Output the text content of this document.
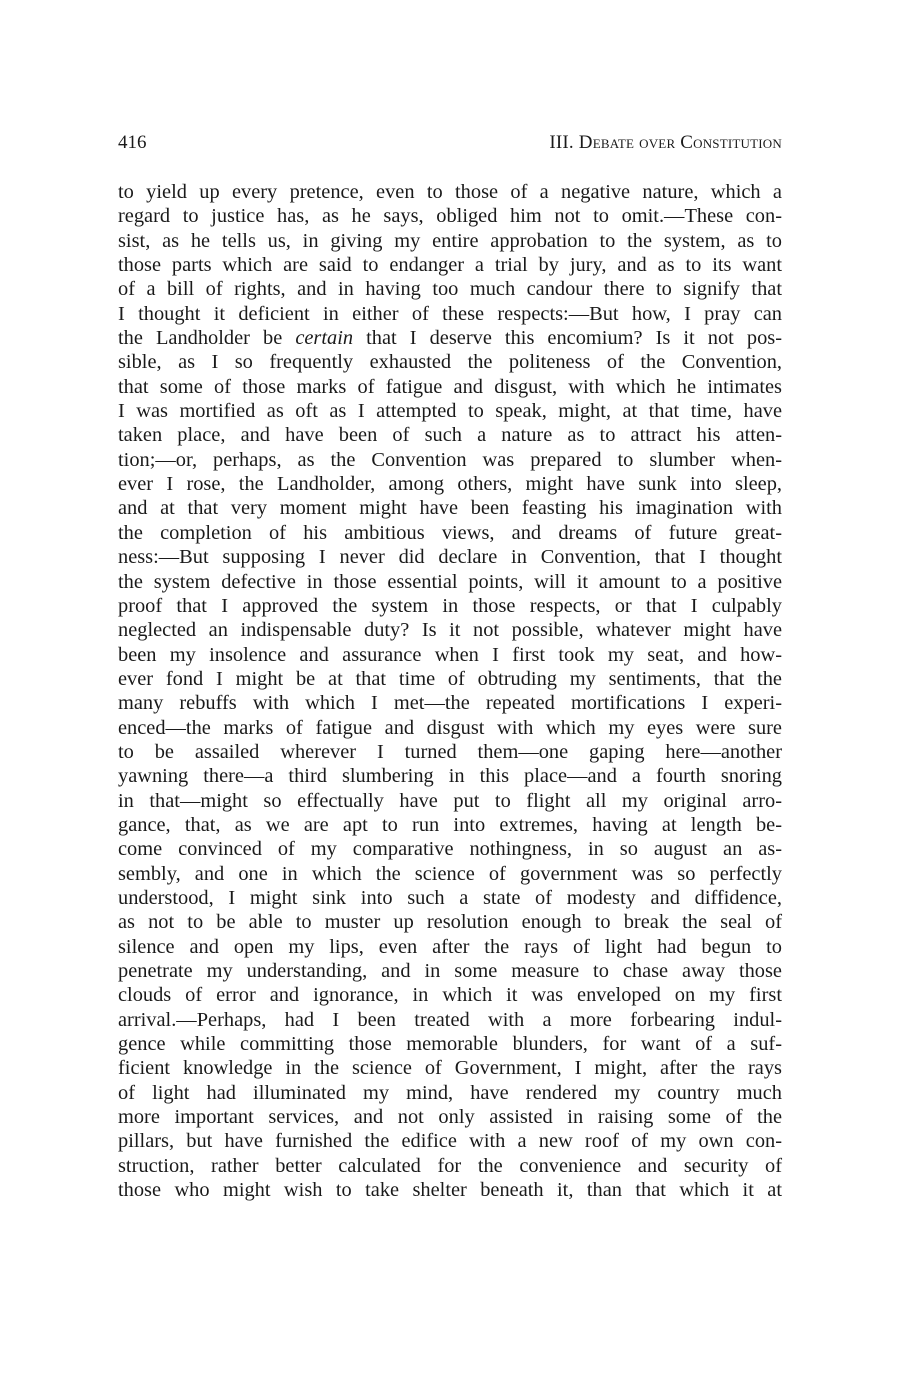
416	III. Debate over Constitution
to yield up every pretence, even to those of a negative nature, which a
regard to justice has, as he says, obliged him not to omit.—These con-
sist, as he tells us, in giving my entire approbation to the system, as to
those parts which are said to endanger a trial by jury, and as to its want
of a bill of rights, and in having too much candour there to signify that
I thought it deficient in either of these respects:—But how, I pray can
the Landholder be certain that I deserve this encomium? Is it not pos-
sible, as I so frequently exhausted the politeness of the Convention,
that some of those marks of fatigue and disgust, with which he intimates
I was mortified as oft as I attempted to speak, might, at that time, have
taken place, and have been of such a nature as to attract his atten-
tion;—or, perhaps, as the Convention was prepared to slumber when-
ever I rose, the Landholder, among others, might have sunk into sleep,
and at that very moment might have been feasting his imagination with
the completion of his ambitious views, and dreams of future great-
ness:—But supposing I never did declare in Convention, that I thought
the system defective in those essential points, will it amount to a positive
proof that I approved the system in those respects, or that I culpably
neglected an indispensable duty? Is it not possible, whatever might have
been my insolence and assurance when I first took my seat, and how-
ever fond I might be at that time of obtruding my sentiments, that the
many rebuffs with which I met—the repeated mortifications I experi-
enced—the marks of fatigue and disgust with which my eyes were sure
to be assailed wherever I turned them—one gaping here—another
yawning there—a third slumbering in this place—and a fourth snoring
in that—might so effectually have put to flight all my original arro-
gance, that, as we are apt to run into extremes, having at length be-
come convinced of my comparative nothingness, in so august an as-
sembly, and one in which the science of government was so perfectly
understood, I might sink into such a state of modesty and diffidence,
as not to be able to muster up resolution enough to break the seal of
silence and open my lips, even after the rays of light had begun to
penetrate my understanding, and in some measure to chase away those
clouds of error and ignorance, in which it was enveloped on my first
arrival.—Perhaps, had I been treated with a more forbearing indul-
gence while committing those memorable blunders, for want of a suf-
ficient knowledge in the science of Government, I might, after the rays
of light had illuminated my mind, have rendered my country much
more important services, and not only assisted in raising some of the
pillars, but have furnished the edifice with a new roof of my own con-
struction, rather better calculated for the convenience and security of
those who might wish to take shelter beneath it, than that which it at
